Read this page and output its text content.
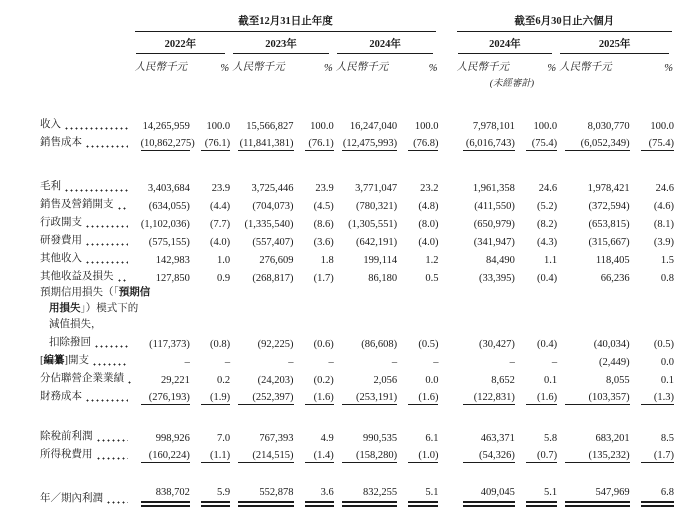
	截至12月31日止年度							截至6月30日止六個月			

	2022年		2023年		2024年			2024年		2025年	

	人民幣千元	%	人民幣千元	%	人民幣千元	%		人民幣千元	%	人民幣千元	%
								(未經審計)			

收入	14,265,959	100.0	15,566,827	100.0	16,247,040	100.0		7,978,101	100.0	8,030,770	100.0

銷售成本	(10,862,275)	(76.1)	(11,841,381)	(76.1)	(12,475,993)	(76.8)		(6,016,743)	(75.4)	(6,052,349)	(75.4)

毛利	3,403,684	23.9	3,725,446	23.9	3,771,047	23.2		1,961,358	24.6	1,978,421	24.6

銷售及營銷開支	(634,055)	(4.4)	(704,073)	(4.5)	(780,321)	(4.8)		(411,550)	(5.2)	(372,594)	(4.6)

行政開支	(1,102,036)	(7.7)	(1,335,540)	(8.6)	(1,305,551)	(8.0)		(650,979)	(8.2)	(653,815)	(8.1)

研發費用	(575,155)	(4.0)	(557,407)	(3.6)	(642,191)	(4.0)		(341,947)	(4.3)	(315,667)	(3.9)

其他收入	142,983	1.0	276,609	1.8	199,114	1.2		84,490	1.1	118,405	1.5

其他收益及損失	127,850	0.9	(268,817)	(1.7)	86,180	0.5		(33,395)	(0.4)	66,236	0.8

預期信用損失（「預期信
用損失」）模式下的
減值損失，
扣除撥回	(117,373)	(0.8)	(92,225)	(0.6)	(86,608)	(0.5)		(30,427)	(0.4)	(40,034)	(0.5)

[編纂]開支	–	–	–	–	–	–		–	–	(2,449)	0.0

分佔聯營企業業績	29,221	0.2	(24,203)	(0.2)	2,056	0.0		8,652	0.1	8,055	0.1

財務成本	(276,193)	(1.9)	(252,397)	(1.6)	(253,191)	(1.6)		(122,831)	(1.6)	(103,357)	(1.3)

除稅前利潤	998,926	7.0	767,393	4.9	990,535	6.1		463,371	5.8	683,201	8.5

所得稅費用	(160,224)	(1.1)	(214,515)	(1.4)	(158,280)	(1.0)		(54,326)	(0.7)	(135,232)	(1.7)

年／期內利潤	838,702	5.9	552,878	3.6	832,255	5.1		409,045	5.1	547,969	6.8
